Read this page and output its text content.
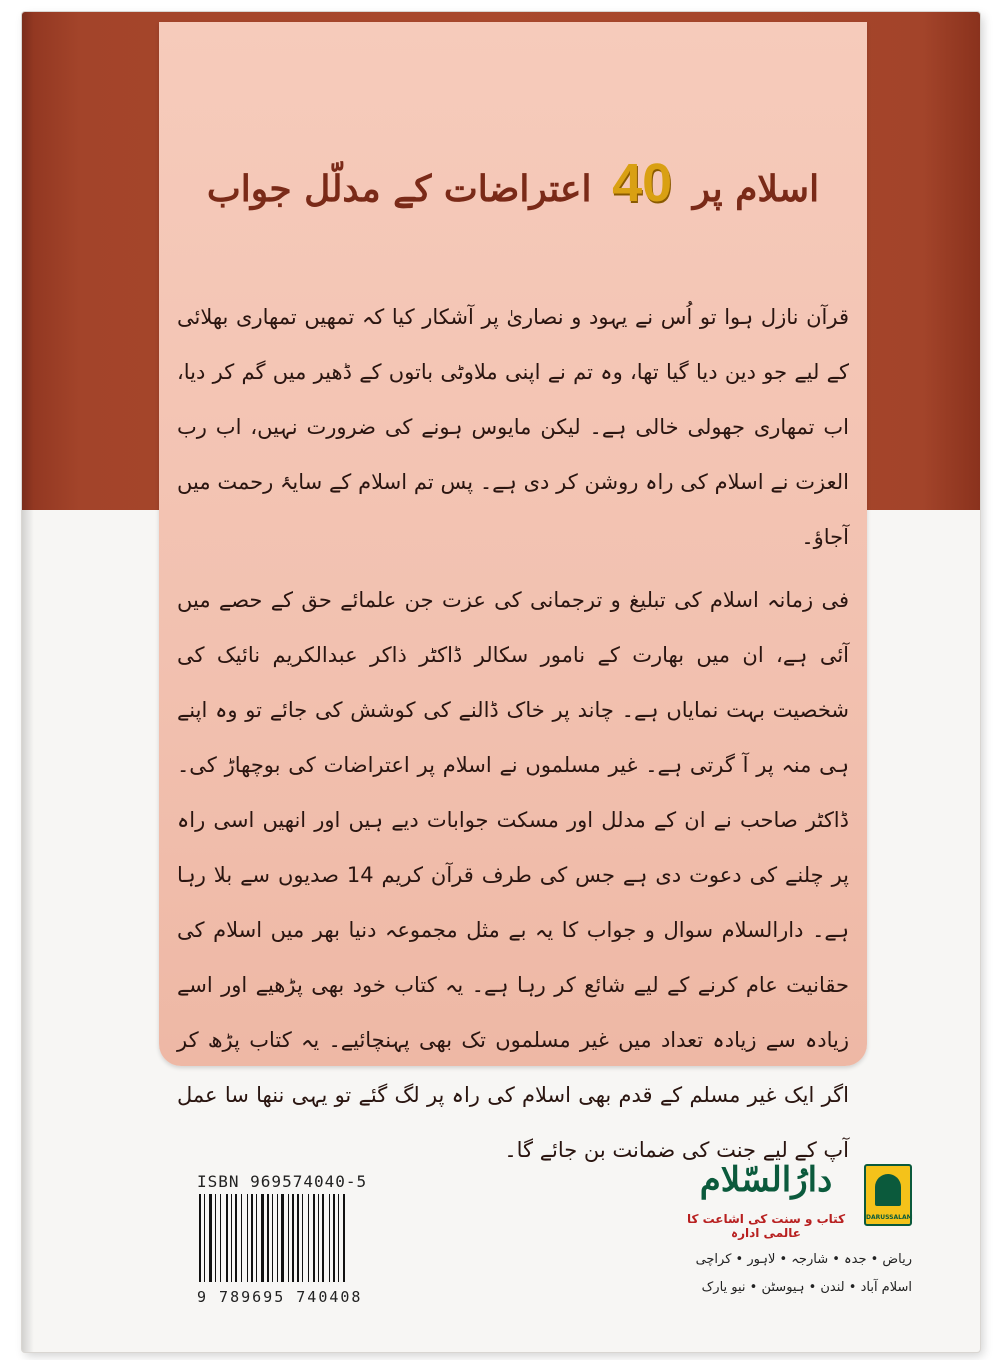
اسلام پر 40 اعتراضات کے مدلّل جواب

قرآن نازل ہوا تو اُس نے یہود و نصاریٰ پر آشکار کیا کہ تمھیں تمھاری بھلائی کے لیے جو دین دیا گیا تھا، وہ تم نے اپنی ملاوٹی باتوں کے ڈھیر میں گم کر دیا، اب تمھاری جھولی خالی ہے۔ لیکن مایوس ہونے کی ضرورت نہیں، اب رب العزت نے اسلام کی راہ روشن کر دی ہے۔ پس تم اسلام کے سایۂ رحمت میں آجاؤ۔

فی زمانہ اسلام کی تبلیغ و ترجمانی کی عزت جن علمائے حق کے حصے میں آئی ہے، ان میں بھارت کے نامور سکالر ڈاکٹر ذاکر عبدالکریم نائیک کی شخصیت بہت نمایاں ہے۔ چاند پر خاک ڈالنے کی کوشش کی جائے تو وہ اپنے ہی منہ پر آ گرتی ہے۔ غیر مسلموں نے اسلام پر اعتراضات کی بوچھاڑ کی۔ ڈاکٹر صاحب نے ان کے مدلل اور مسکت جوابات دیے ہیں اور انھیں اسی راہ پر چلنے کی دعوت دی ہے جس کی طرف قرآن کریم 14 صدیوں سے بلا رہا ہے۔ دارالسلام سوال و جواب کا یہ بے مثل مجموعہ دنیا بھر میں اسلام کی حقانیت عام کرنے کے لیے شائع کر رہا ہے۔ یہ کتاب خود بھی پڑھیے اور اسے زیادہ سے زیادہ تعداد میں غیر مسلموں تک بھی پہنچائیے۔ یہ کتاب پڑھ کر اگر ایک غیر مسلم کے قدم بھی اسلام کی راہ پر لگ گئے تو یہی ننھا سا عمل آپ کے لیے جنت کی ضمانت بن جائے گا۔

ISBN 969574040-5
9 789695 740408
DARUSSALAM
دارُالسّلام
کتاب و سنت کی اشاعت کا عالمی ادارہ
ریاض • جدہ • شارجہ • لاہور • کراچی
اسلام آباد • لندن • ہیوسٹن • نیو یارک
